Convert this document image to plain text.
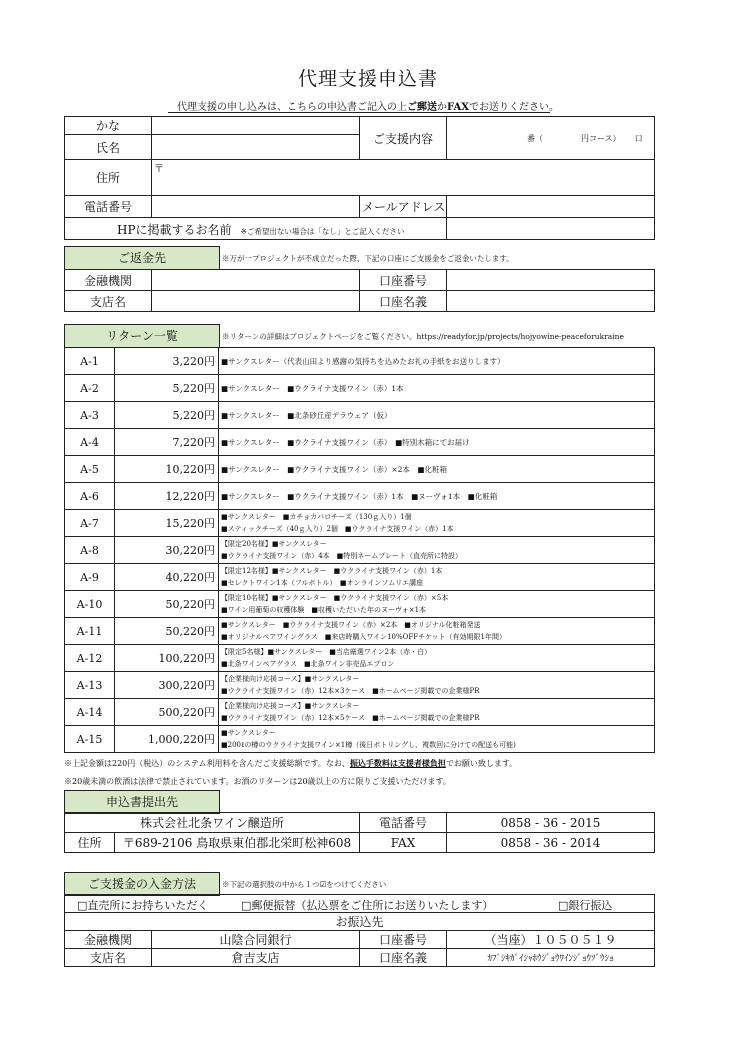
代理支援申込書
代理支援の申し込みは、こちらの申込書ご記入の上ご郵送かFAXでお送りください。
かな		ご支援内容	番（ 円コース） 口
氏名			
住所	〒		
電話番号		メールアドレス	
HPに掲載するお名前 ※ご希望出ない場合は「なし」とご記入ください			
ご返金先	※万が一プロジェクトが不成立だった際、下記の口座にご支援金をご返金いたします。
金融機関		口座番号	
支店名		口座名義	
リターン一覧	※リターンの詳細はプロジェクトページをご覧ください。https://readyfor.jp/projects/hojyowine-peaceforukraine
A-1	3,220円	■サンクスレター（代表山田より感謝の気持ちを込めたお礼の手紙をお送りします）

A-2	5,220円	■サンクスレター　■ウクライナ支援ワイン（赤）1本

A-3	5,220円	■サンクスレター　■北条砂丘産デラウェア（仮）

A-4	7,220円	■サンクスレター　■ウクライナ支援ワイン（赤）　■特別木箱にてお届け

A-5	10,220円	■サンクスレター　■ウクライナ支援ワイン（赤）×2本　■化粧箱

A-6	12,220円	■サンクスレター　■ウクライナ支援ワイン（赤）1本　■ヌーヴォ1本　■化粧箱

A-7	15,220円	■サンクスレター　■カチョカバロチーズ（130ｇ入り）1個
■スティックチーズ（40ｇ入り）2個　■ウクライナ支援ワイン（赤）1本

A-8	30,220円	【限定20名様】■サンクスレター
■ウクライナ支援ワイン（赤）4本　■特別ネームプレート（直売所に特設）

A-9	40,220円	【限定12名様】■サンクスレター　■ウクライナ支援ワイン（赤）1本
■セレクトワイン1本（フルボトル）　■オンラインソムリエ講座

A-10	50,220円	【限定10名様】■サンクスレター　■ウクライナ支援ワイン（赤）×5本
■ワイン用葡萄の収穫体験　■収穫いただいた年のヌーヴォ×1本

A-11	50,220円	■サンクスレター　■ウクライナ支援ワイン（赤）×2本　■オリジナル化粧箱発送
■オリジナルペアワイングラス　■来店時購入ワイン10%OFFチケット（有効期限1年間）

A-12	100,220円	【限定5名様】■サンクスレター　■当店厳選ワイン2本（赤・白）
■北条ワインペアグラス　■北条ワイン非売品エプロン

A-13	300,220円	【企業様向け応援コース】■サンクスレター
■ウクライナ支援ワイン（赤）12本×3ケース　■ホームページ掲載での企業様PR

A-14	500,220円	【企業様向け応援コース】■サンクスレター
■ウクライナ支援ワイン（赤）12本×5ケース　■ホームページ掲載での企業様PR

A-15	1,000,220円	■サンクスレター
■200ℓの樽のウクライナ支援ワイン×1樽（後日ボトリングし、複数回に分けての配送も可能)
※上記金額は220円（税込）のシステム利用料を含んだご支援総額です。なお、振込手数料は支援者様負担でお願い致します。
※20歳未満の飲酒は法律で禁止されています。お酒のリターンは20歳以上の方に限りご支援いただけます。
申込書提出先
株式会社北条ワイン醸造所		電話番号	0858 - 36 - 2015
住所	〒689-2106 鳥取県東伯郡北栄町松神608	FAX	0858 - 36 - 2014
ご支援金の入金方法	※下記の選択肢の中から１つ☑をつけてください
□直売所にお持ちいただく □郵便振替（払込票をご住所にお送りいたします） □銀行振込			

お振込先			
金融機関	山陰合同銀行	口座番号	（当座）１０５０５１９
支店名	倉吉支店	口座名義	ｶﾌﾞｼｷｶﾞｲｼｬﾎｳｼﾞｮｳﾜｲﾝｼﾞｮｳｿﾞｳｼｮ
